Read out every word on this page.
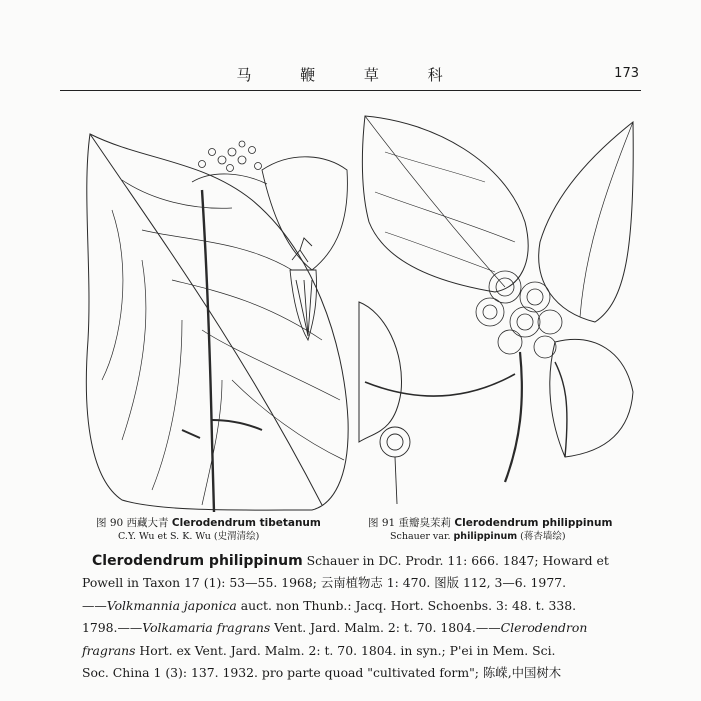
马 鞭 草 科	173
图 90 西藏大青 Clerodendrum tibetanum
C.Y. Wu et S. K. Wu (史渭清绘)
图 91 重瓣臭茉莉 Clerodendrum philippinum
Schauer var. philippinum (蒋杏墙绘)

Clerodendrum philippinum Schauer in DC. Prodr. 11: 666. 1847; Howard et

Powell in Taxon 17 (1): 53—55. 1968; 云南植物志 1: 470. 图版 112, 3—6. 1977.

——Volkmannia japonica auct. non Thunb.: Jacq. Hort. Schoenbs. 3: 48. t. 338.

1798.——Volkamaria fragrans Vent. Jard. Malm. 2: t. 70. 1804.——Clerodendron

fragrans Hort. ex Vent. Jard. Malm. 2: t. 70. 1804. in syn.; P'ei in Mem. Sci.

Soc. China 1 (3): 137. 1932. pro parte quoad "cultivated form"; 陈嵘,中国树木
